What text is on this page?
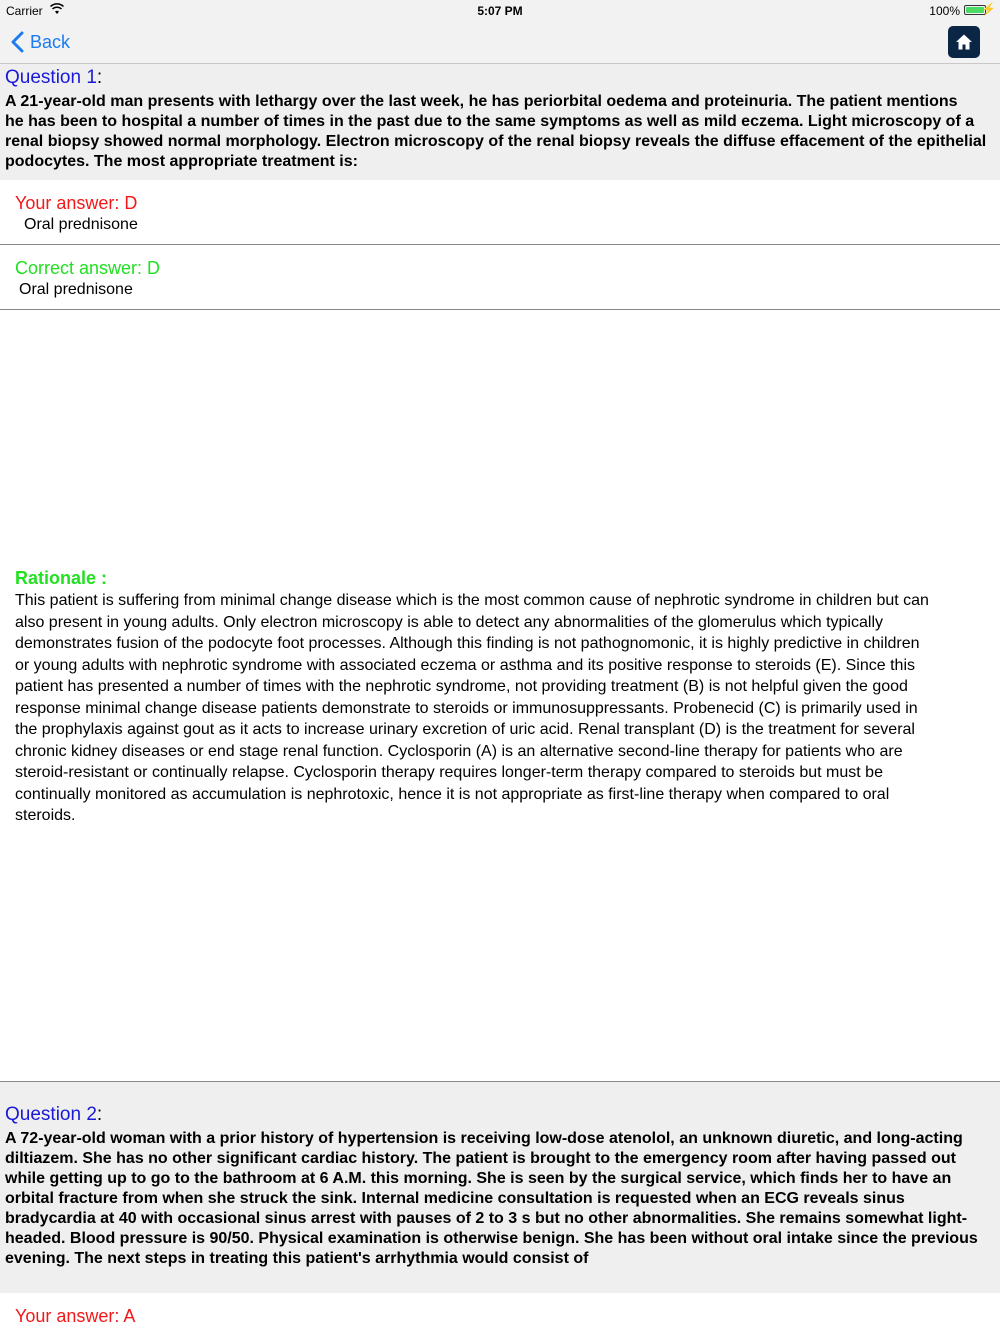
Carrier	5:07 PM	100% ⚡
Back
Question 1:
A 21-year-old man presents with lethargy over the last week, he has periorbital oedema and proteinuria. The patient mentions
he has been to hospital a number of times in the past due to the same symptoms as well as mild eczema. Light microscopy of a
renal biopsy showed normal morphology. Electron microscopy of the renal biopsy reveals the diffuse effacement of the epithelial
podocytes. The most appropriate treatment is:
Your answer: D
Oral prednisone
Correct answer: D
Oral prednisone
Rationale :
This patient is suffering from minimal change disease which is the most common cause of nephrotic syndrome in children but can
also present in young adults. Only electron microscopy is able to detect any abnormalities of the glomerulus which typically
demonstrates fusion of the podocyte foot processes. Although this finding is not pathognomonic, it is highly predictive in children
or young adults with nephrotic syndrome with associated eczema or asthma and its positive response to steroids (E). Since this
patient has presented a number of times with the nephrotic syndrome, not providing treatment (B) is not helpful given the good
response minimal change disease patients demonstrate to steroids or immunosuppressants. Probenecid (C) is primarily used in
the prophylaxis against gout as it acts to increase urinary excretion of uric acid. Renal transplant (D) is the treatment for several
chronic kidney diseases or end stage renal function. Cyclosporin (A) is an alternative second-line therapy for patients who are
steroid-resistant or continually relapse. Cyclosporin therapy requires longer-term therapy compared to steroids but must be
continually monitored as accumulation is nephrotoxic, hence it is not appropriate as first-line therapy when compared to oral
steroids.
Question 2:
A 72-year-old woman with a prior history of hypertension is receiving low-dose atenolol, an unknown diuretic, and long-acting
diltiazem. She has no other significant cardiac history. The patient is brought to the emergency room after having passed out
while getting up to go to the bathroom at 6 A.M. this morning. She is seen by the surgical service, which finds her to have an
orbital fracture from when she struck the sink. Internal medicine consultation is requested when an ECG reveals sinus
bradycardia at 40 with occasional sinus arrest with pauses of 2 to 3 s but no other abnormalities. She remains somewhat light-
headed. Blood pressure is 90/50. Physical examination is otherwise benign. She has been without oral intake since the previous
evening. The next steps in treating this patient's arrhythmia would consist of
Your answer: A
